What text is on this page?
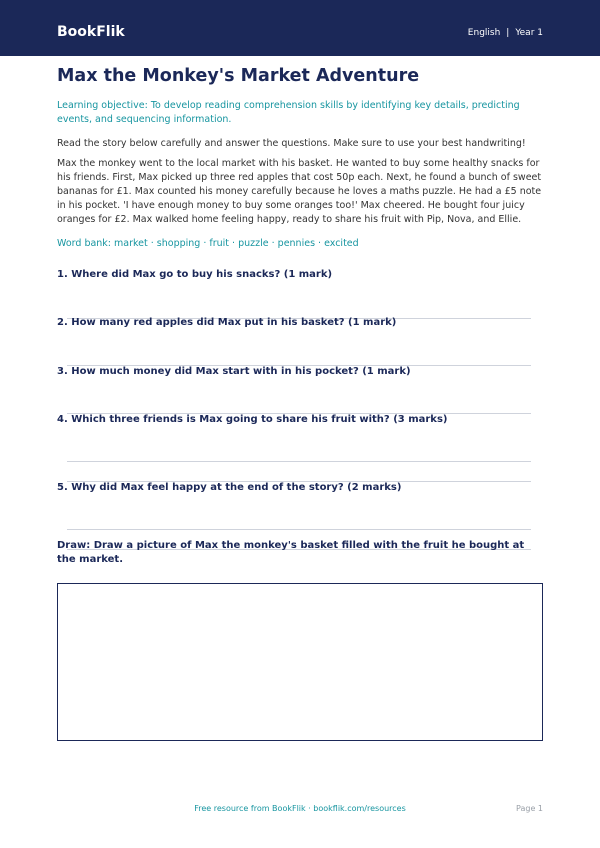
BookFlik	English | Year 1
Max the Monkey's Market Adventure
Learning objective: To develop reading comprehension skills by identifying key details, predicting events, and sequencing information.
Read the story below carefully and answer the questions. Make sure to use your best handwriting!
Max the monkey went to the local market with his basket. He wanted to buy some healthy snacks for his friends. First, Max picked up three red apples that cost 50p each. Next, he found a bunch of sweet bananas for £1. Max counted his money carefully because he loves a maths puzzle. He had a £5 note in his pocket. 'I have enough money to buy some oranges too!' Max cheered. He bought four juicy oranges for £2. Max walked home feeling happy, ready to share his fruit with Pip, Nova, and Ellie.
Word bank: market · shopping · fruit · puzzle · pennies · excited
1. Where did Max go to buy his snacks? (1 mark)
2. How many red apples did Max put in his basket? (1 mark)
3. How much money did Max start with in his pocket? (1 mark)
4. Which three friends is Max going to share his fruit with? (3 marks)
5. Why did Max feel happy at the end of the story? (2 marks)
Draw: Draw a picture of Max the monkey's basket filled with the fruit he bought at the market.
Free resource from BookFlik · bookflik.com/resources	Page 1
